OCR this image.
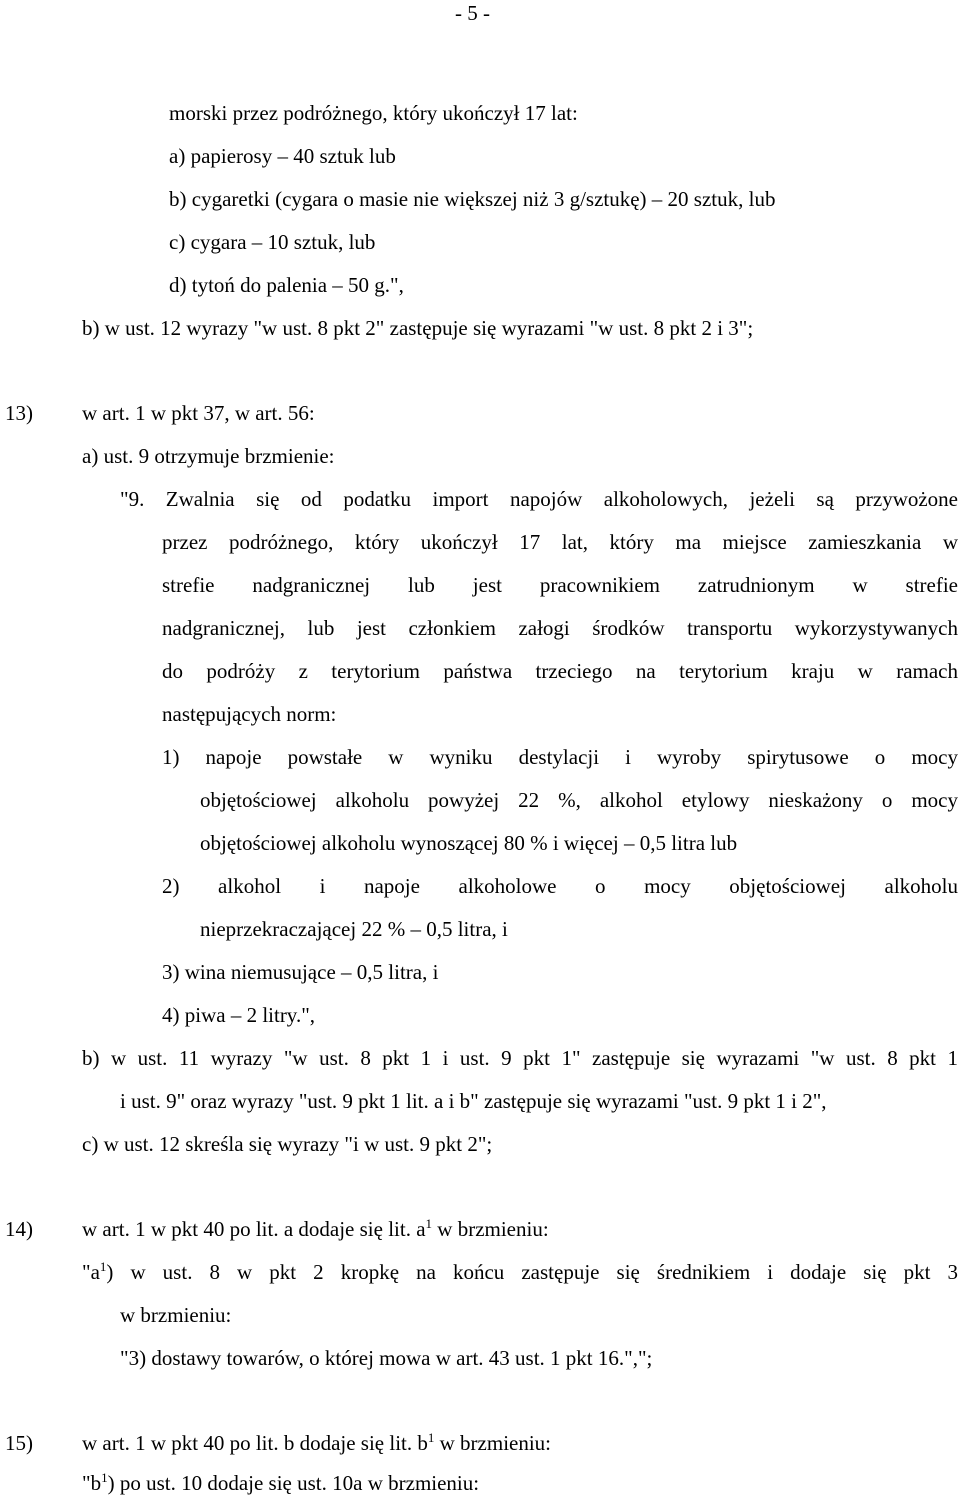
- 5 -
morski przez podróżnego, który ukończył 17 lat:
a) papierosy – 40 sztuk lub
b) cygaretki (cygara o masie nie większej niż 3 g/sztukę) – 20 sztuk, lub
c) cygara – 10 sztuk, lub
d) tytoń do palenia – 50 g.",
b) w ust. 12 wyrazy "w ust. 8 pkt 2" zastępuje się wyrazami "w ust. 8 pkt 2 i 3";
13) w art. 1 w pkt 37, w art. 56:
a) ust. 9 otrzymuje brzmienie:
"9. Zwalnia się od podatku import napojów alkoholowych, jeżeli są przywożone
przez podróżnego, który ukończył 17 lat, który ma miejsce zamieszkania w
strefie nadgranicznej lub jest pracownikiem zatrudnionym w strefie
nadgranicznej, lub jest członkiem załogi środków transportu wykorzystywanych
do podróży z terytorium państwa trzeciego na terytorium kraju w ramach
następujących norm:
1) napoje powstałe w wyniku destylacji i wyroby spirytusowe o mocy
objętościowej alkoholu powyżej 22 %, alkohol etylowy nieskażony o mocy
objętościowej alkoholu wynoszącej 80 % i więcej – 0,5 litra lub
2) alkohol i napoje alkoholowe o mocy objętościowej alkoholu
nieprzekraczającej 22 % – 0,5 litra, i
3) wina niemusujące – 0,5 litra, i
4) piwa – 2 litry.",
b) w ust. 11 wyrazy "w ust. 8 pkt 1 i ust. 9 pkt 1" zastępuje się wyrazami "w ust. 8 pkt 1
i ust. 9" oraz wyrazy "ust. 9 pkt 1 lit. a i b" zastępuje się wyrazami "ust. 9 pkt 1 i 2",
c) w ust. 12 skreśla się wyrazy "i w ust. 9 pkt 2";
14) w art. 1 w pkt 40 po lit. a dodaje się lit. $a^1$ w brzmieniu:
"$a^1$) w ust. 8 w pkt 2 kropkę na końcu zastępuje się średnikiem i dodaje się pkt 3
w brzmieniu:
"3) dostawy towarów, o której mowa w art. 43 ust. 1 pkt 16.",";
15) w art. 1 w pkt 40 po lit. b dodaje się lit. $b^1$ w brzmieniu:
"$b^1$) po ust. 10 dodaje się ust. 10a w brzmieniu:
